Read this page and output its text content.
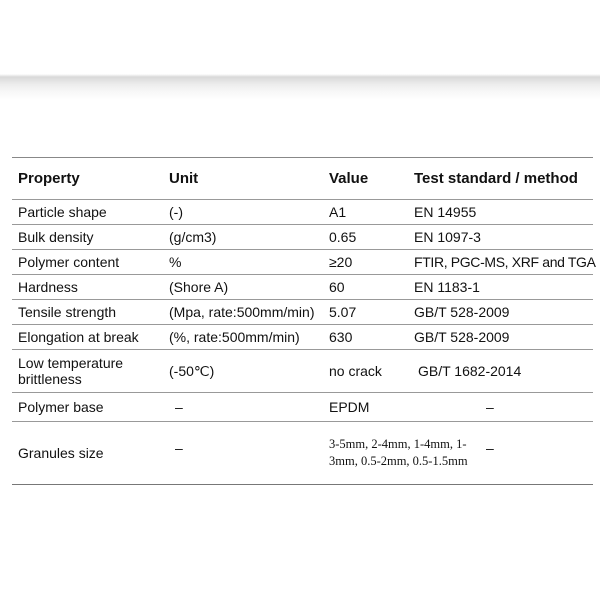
Property	Unit	Value	Test standard / method
Particle shape	(-)	A1	EN 14955
Bulk density	(g/cm3)	0.65	EN 1097-3
Polymer content	%	≥20	FTIR, PGC-MS, XRF and TGA
Hardness	(Shore A)	60	EN 1183-1
Tensile strength	(Mpa, rate:500mm/min)	5.07	GB/T 528-2009
Elongation at break	(%, rate:500mm/min)	630	GB/T 528-2009
Low temperature brittleness	(-50℃)	no crack	GB/T 1682-2014
Polymer base	–	EPDM	–
Granules size	–	3-5mm, 2-4mm, 1-4mm, 1-3mm, 0.5-2mm, 0.5-1.5mm	–
